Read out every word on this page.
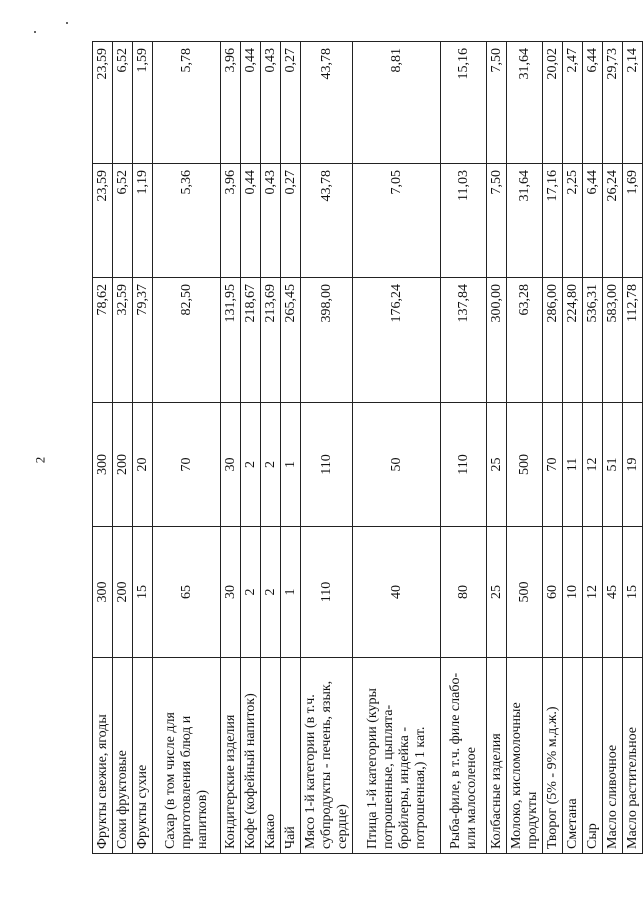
2
Фрукты свежие, ягоды	300	300	78,62	23,59	23,59
Соки фруктовые	200	200	32,59	6,52	6,52
Фрукты сухие	15	20	79,37	1,19	1,59
Сахар (в том числе для приготовления блюд и напитков)	65	70	82,50	5,36	5,78
Кондитерские изделия	30	30	131,95	3,96	3,96
Кофе (кофейный напиток)	2	2	218,67	0,44	0,44
Какао	2	2	213,69	0,43	0,43
Чай	1	1	265,45	0,27	0,27
Мясо 1-й категории (в т.ч. субпродукты - печень, язык, сердце)	110	110	398,00	43,78	43,78
Птица 1-й категории (куры потрошенные, цыплята-бройлеры, индейка - потрошенная,) 1 кат.	40	50	176,24	7,05	8,81
Рыба-филе, в т.ч. филе слабо-или малосоленое	80	110	137,84	11,03	15,16
Колбасные изделия	25	25	300,00	7,50	7,50
Молоко, кисломолочные продукты	500	500	63,28	31,64	31,64
Творог (5% - 9% м.д.ж.)	60	70	286,00	17,16	20,02
Сметана	10	11	224,80	2,25	2,47
Сыр	12	12	536,31	6,44	6,44
Масло сливочное	45	51	583,00	26,24	29,73
Масло растительное	15	19	112,78	1,69	2,14
